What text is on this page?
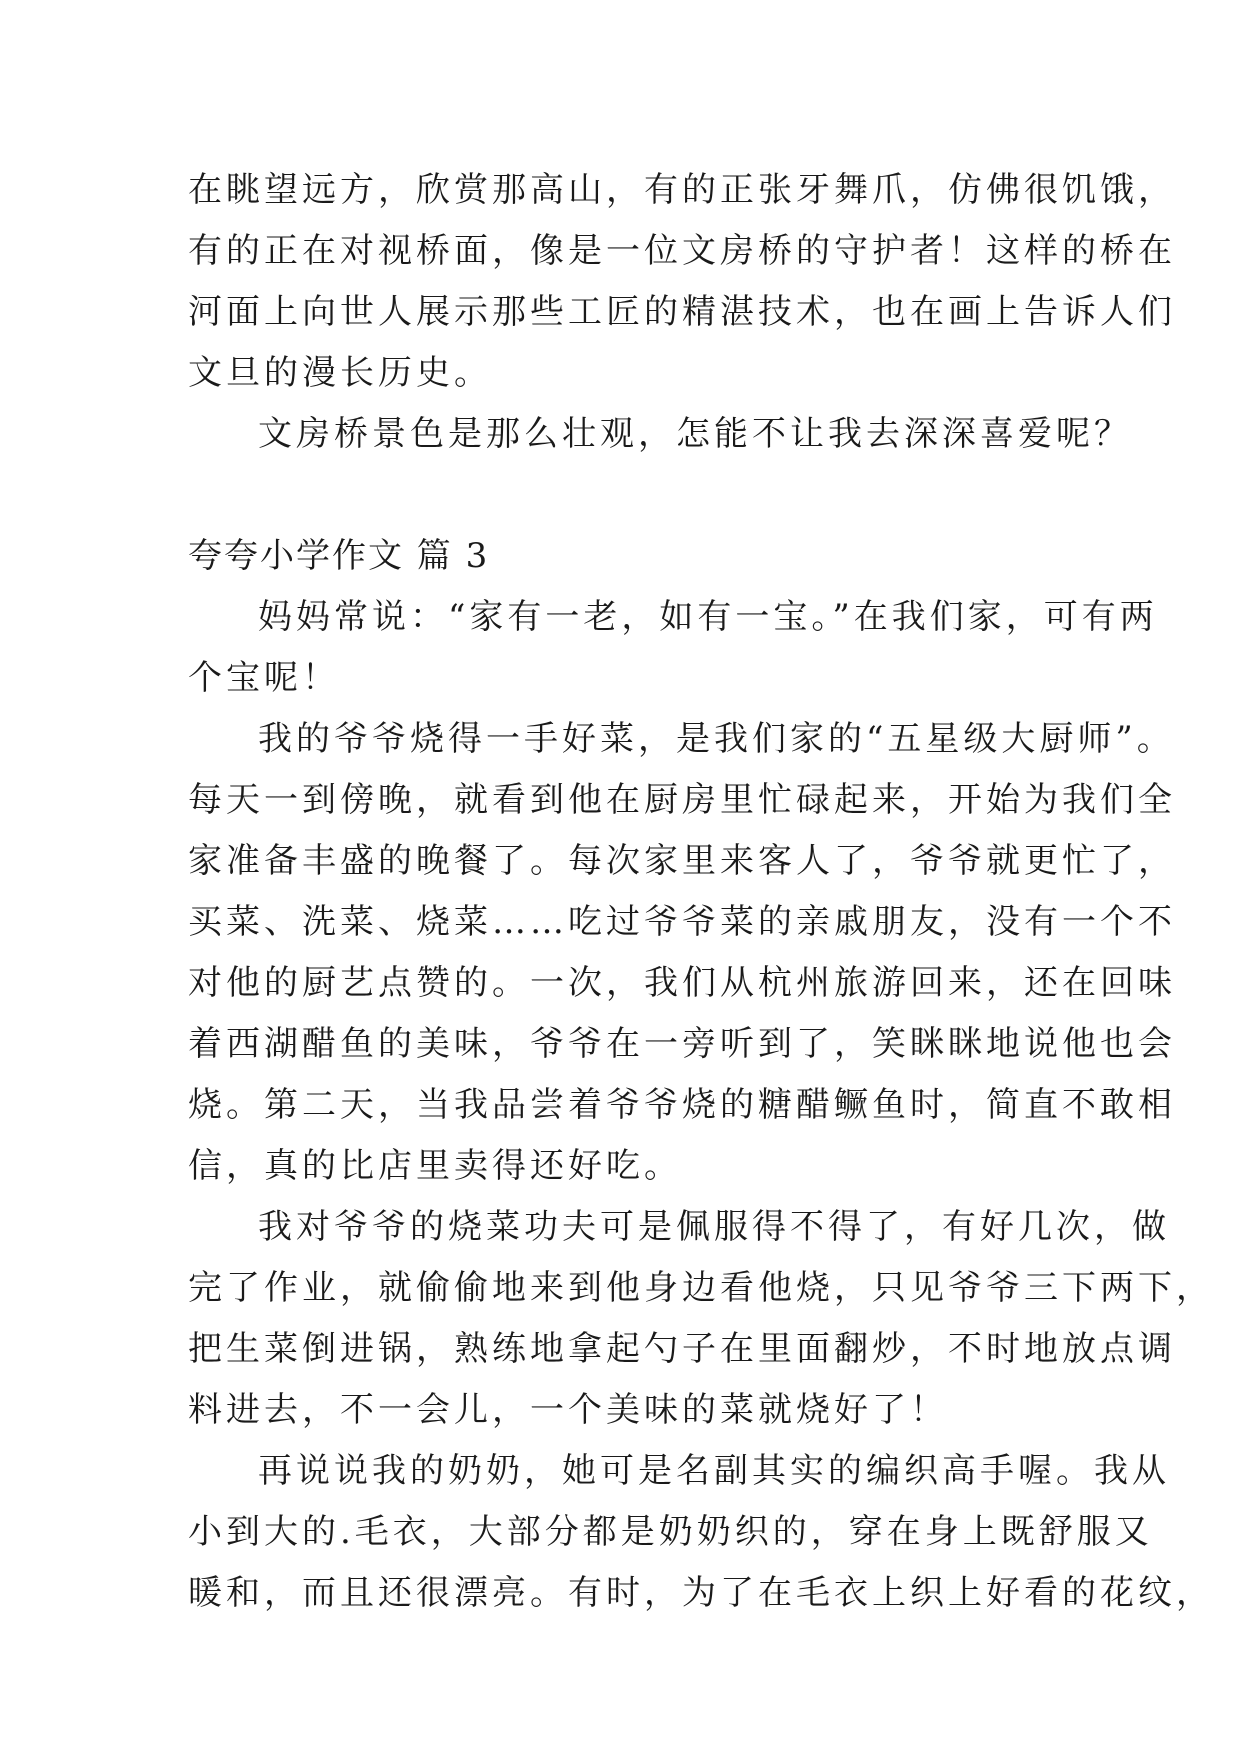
在眺望远方，欣赏那高山，有的正张牙舞爪，仿佛很饥饿，
有的正在对视桥面，像是一位文房桥的守护者！这样的桥在
河面上向世人展示那些工匠的精湛技术，也在画上告诉人们
文旦的漫长历史。
文房桥景色是那么壮观，怎能不让我去深深喜爱呢？
夸夸小学作文 篇 3
妈妈常说：“家有一老，如有一宝。”在我们家，可有两
个宝呢！
我的爷爷烧得一手好菜，是我们家的“五星级大厨师”。
每天一到傍晚，就看到他在厨房里忙碌起来，开始为我们全
家准备丰盛的晚餐了。每次家里来客人了，爷爷就更忙了，
买菜、洗菜、烧菜……吃过爷爷菜的亲戚朋友，没有一个不
对他的厨艺点赞的。一次，我们从杭州旅游回来，还在回味
着西湖醋鱼的美味，爷爷在一旁听到了，笑眯眯地说他也会
烧。第二天，当我品尝着爷爷烧的糖醋鳜鱼时，简直不敢相
信，真的比店里卖得还好吃。
我对爷爷的烧菜功夫可是佩服得不得了，有好几次，做
完了作业，就偷偷地来到他身边看他烧，只见爷爷三下两下，
把生菜倒进锅，熟练地拿起勺子在里面翻炒，不时地放点调
料进去，不一会儿，一个美味的菜就烧好了！
再说说我的奶奶，她可是名副其实的编织高手喔。我从
小到大的.毛衣，大部分都是奶奶织的，穿在身上既舒服又
暖和，而且还很漂亮。有时，为了在毛衣上织上好看的花纹，
